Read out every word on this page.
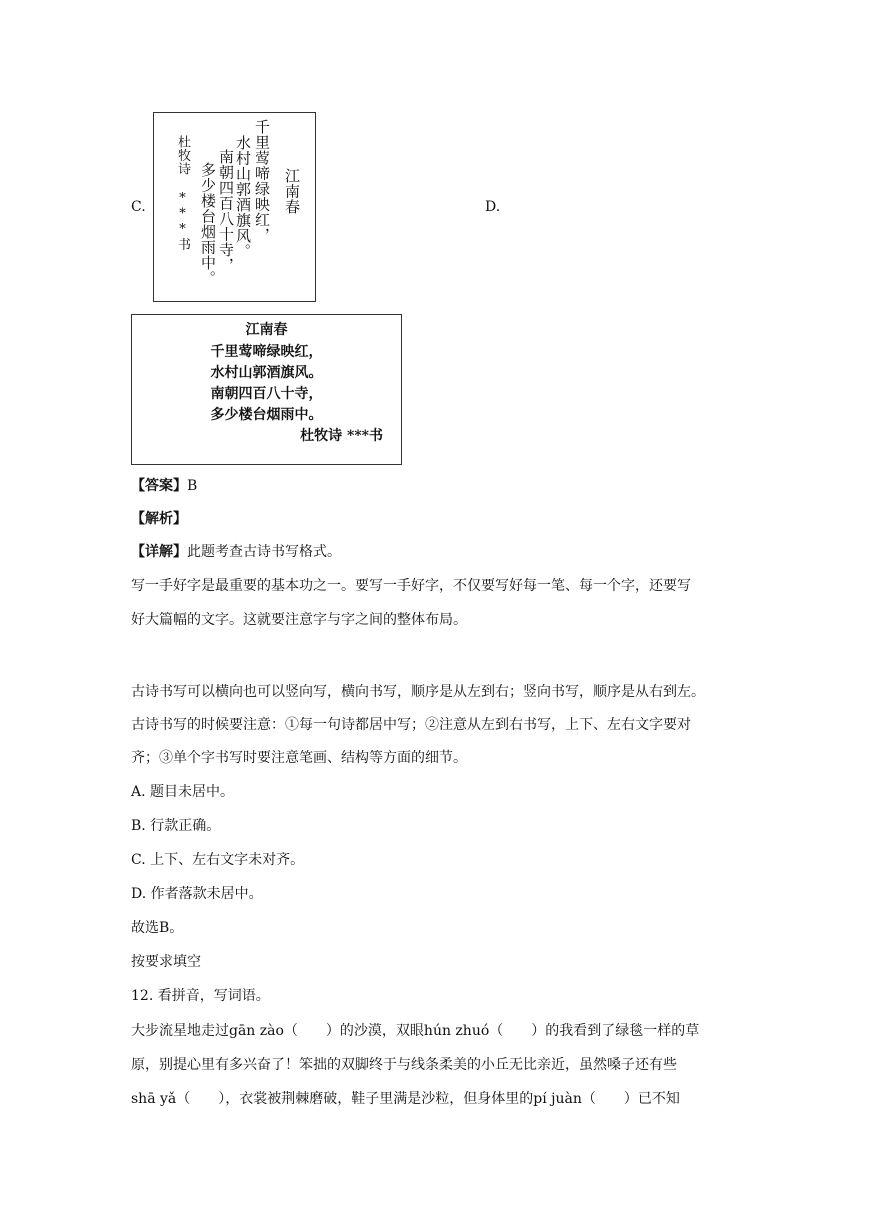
C.	D.
江南春
千里莺啼绿映红，
水村山郭酒旗风。
南朝四百八十寺，
多少楼台烟雨中。
杜牧诗 ***书
江南春
千里莺啼绿映红，
水村山郭酒旗风。
南朝四百八十寺，
多少楼台烟雨中。
杜牧诗 ***书
【答案】B
【解析】
【详解】此题考查古诗书写格式。
写一手好字是最重要的基本功之一。要写一手好字，不仅要写好每一笔、每一个字，还要写
好大篇幅的文字。这就要注意字与字之间的整体布局。
古诗书写可以横向也可以竖向写，横向书写，顺序是从左到右；竖向书写，顺序是从右到左。
古诗书写的时候要注意：①每一句诗都居中写；②注意从左到右书写，上下、左右文字要对
齐；③单个字书写时要注意笔画、结构等方面的细节。
A. 题目未居中。
B. 行款正确。
C. 上下、左右文字未对齐。
D. 作者落款未居中。
故选B。
按要求填空
12. 看拼音，写词语。
大步流星地走过gān zào（　　）的沙漠，双眼hún zhuó（　　）的我看到了绿毯一样的草
原，别提心里有多兴奋了！笨拙的双脚终于与线条柔美的小丘无比亲近，虽然嗓子还有些
shā yǎ（　　），衣裳被荆棘磨破，鞋子里满是沙粒，但身体里的pí juàn（　　）已不知
